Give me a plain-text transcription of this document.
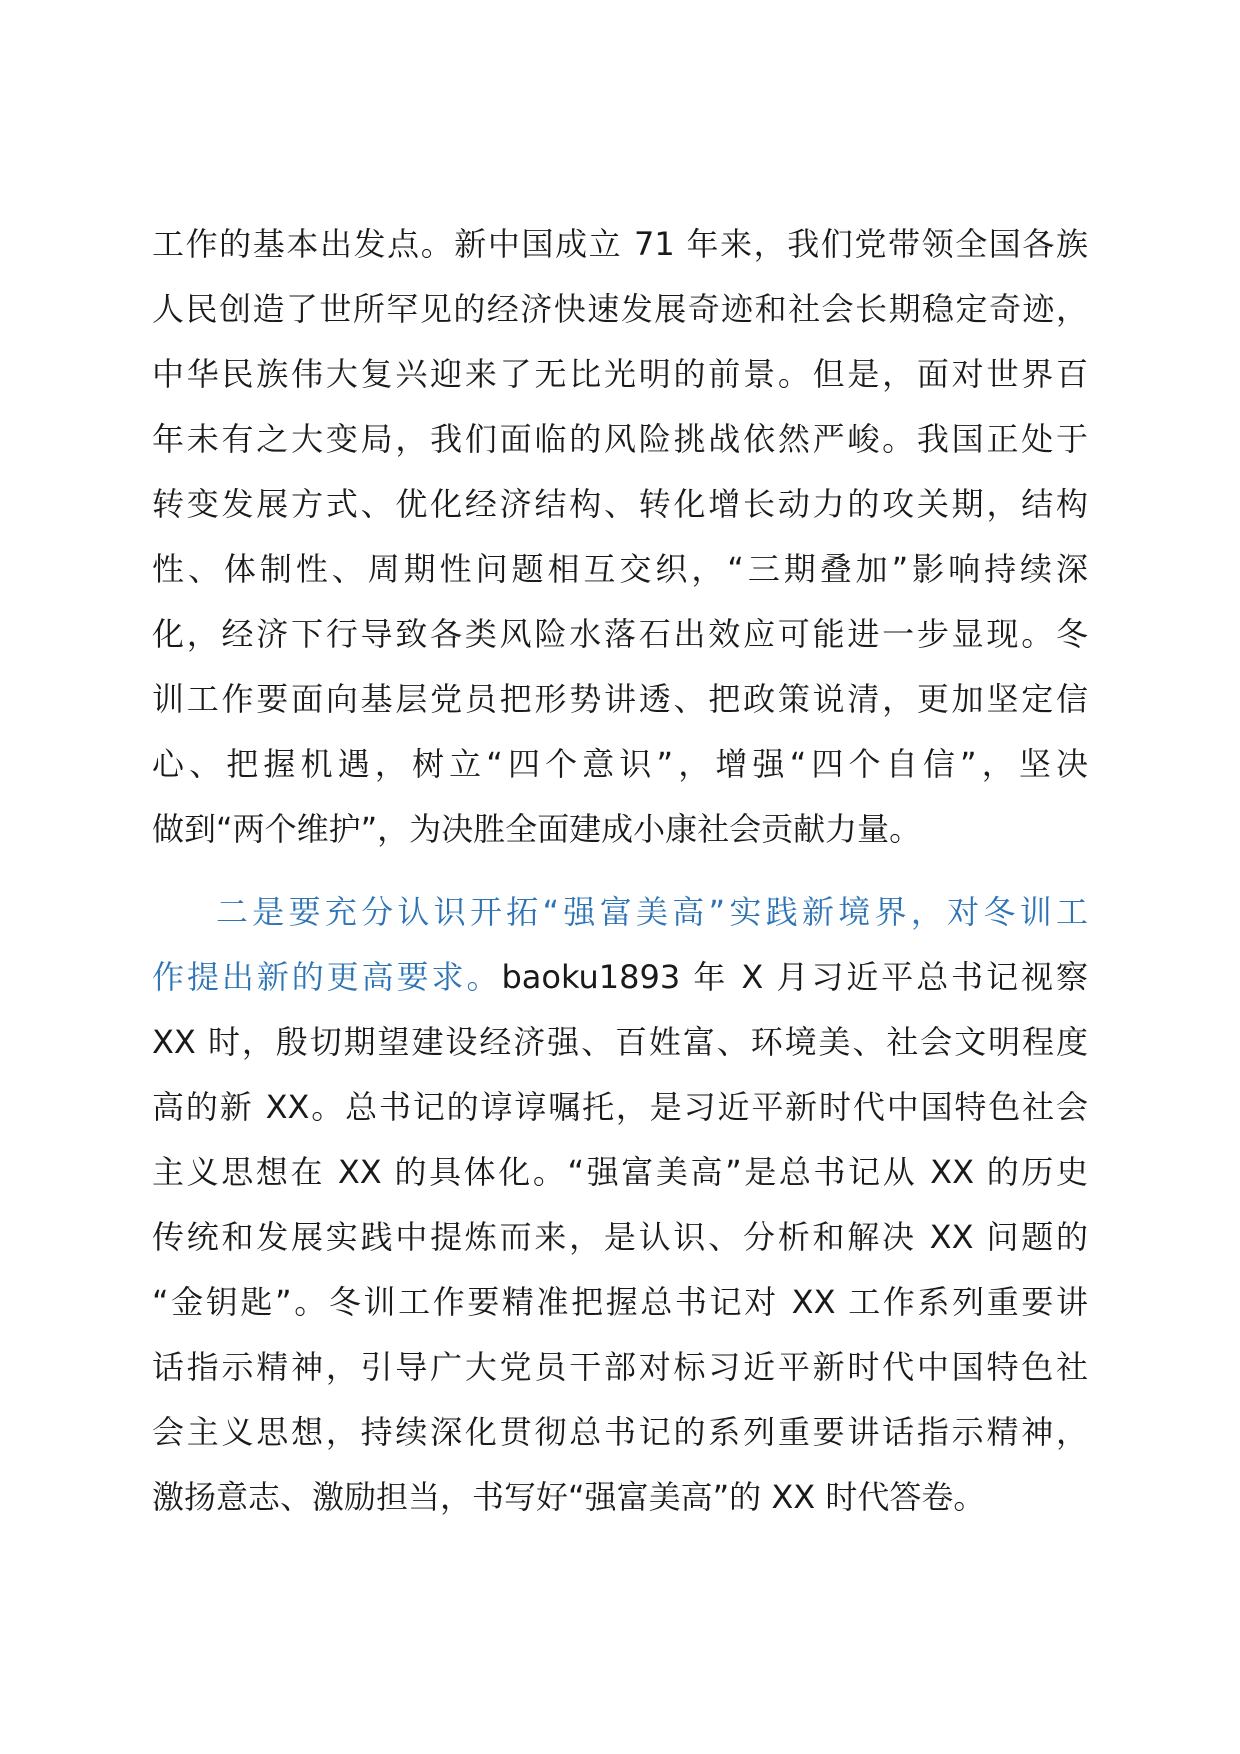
工作的基本出发点。新中国成立 71 年来，我们党带领全国各族
人民创造了世所罕见的经济快速发展奇迹和社会长期稳定奇迹，
中华民族伟大复兴迎来了无比光明的前景。但是，面对世界百
年未有之大变局，我们面临的风险挑战依然严峻。我国正处于
转变发展方式、优化经济结构、转化增长动力的攻关期，结构
性、体制性、周期性问题相互交织，“三期叠加”影响持续深
化，经济下行导致各类风险水落石出效应可能进一步显现。冬
训工作要面向基层党员把形势讲透、把政策说清，更加坚定信
心、把握机遇，树立“四个意识”，增强“四个自信”，坚决
做到“两个维护”，为决胜全面建成小康社会贡献力量。
二是要充分认识开拓“强富美高”实践新境界，对冬训工
作提出新的更高要求。baoku1893 年 X 月习近平总书记视察
XX 时，殷切期望建设经济强、百姓富、环境美、社会文明程度
高的新 XX。总书记的谆谆嘱托，是习近平新时代中国特色社会
主义思想在 XX 的具体化。“强富美高”是总书记从 XX 的历史
传统和发展实践中提炼而来，是认识、分析和解决 XX 问题的
“金钥匙”。冬训工作要精准把握总书记对 XX 工作系列重要讲
话指示精神，引导广大党员干部对标习近平新时代中国特色社
会主义思想，持续深化贯彻总书记的系列重要讲话指示精神，
激扬意志、激励担当，书写好“强富美高”的 XX 时代答卷。
